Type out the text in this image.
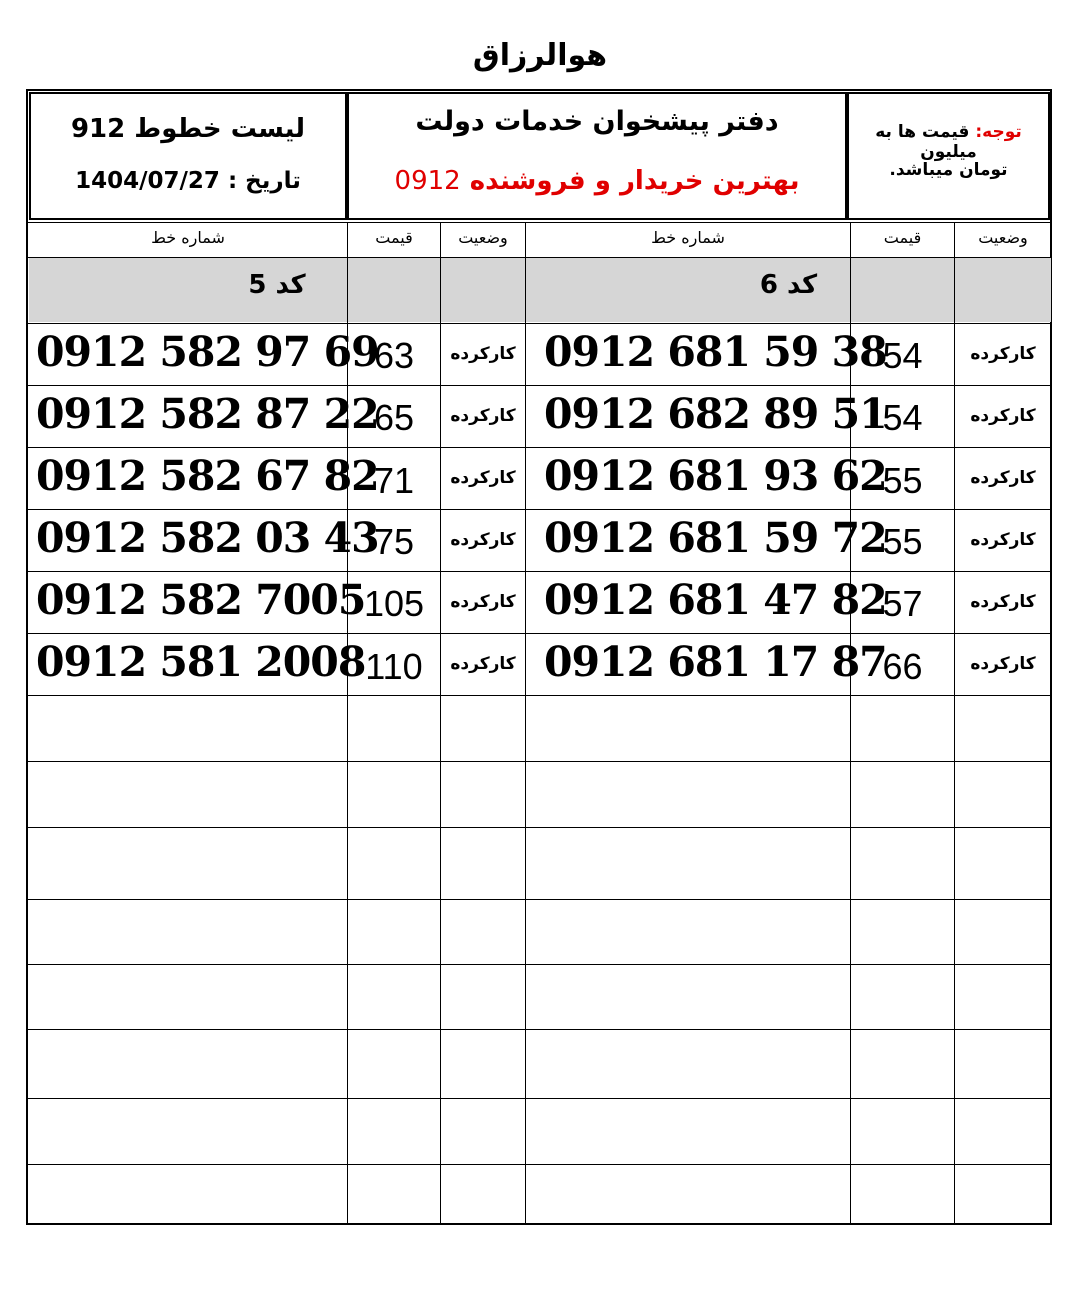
هوالرزاق
لیست خطوط 912
تاریخ : 1404/07/27
دفتر پیشخوان خدمات دولت
بهترین خریدار و فروشنده 0912
توجه: قیمت ها به میلیون
تومان میباشد.
وضعیت
قیمت
شماره خط
وضعیت
قیمت
شماره خط
کد 6
کد 5
کارکرده
54
0912 681 59 38
کارکرده
54
0912 682 89 51
کارکرده
55
0912 681 93 62
کارکرده
55
0912 681 59 72
کارکرده
57
0912 681 47 82
کارکرده
66
0912 681 17 87
کارکرده
63
0912 582 97 69
کارکرده
65
0912 582 87 22
کارکرده
71
0912 582 67 82
کارکرده
75
0912 582 03 43
کارکرده
105
0912 582 7005
کارکرده
110
0912 581 2008
